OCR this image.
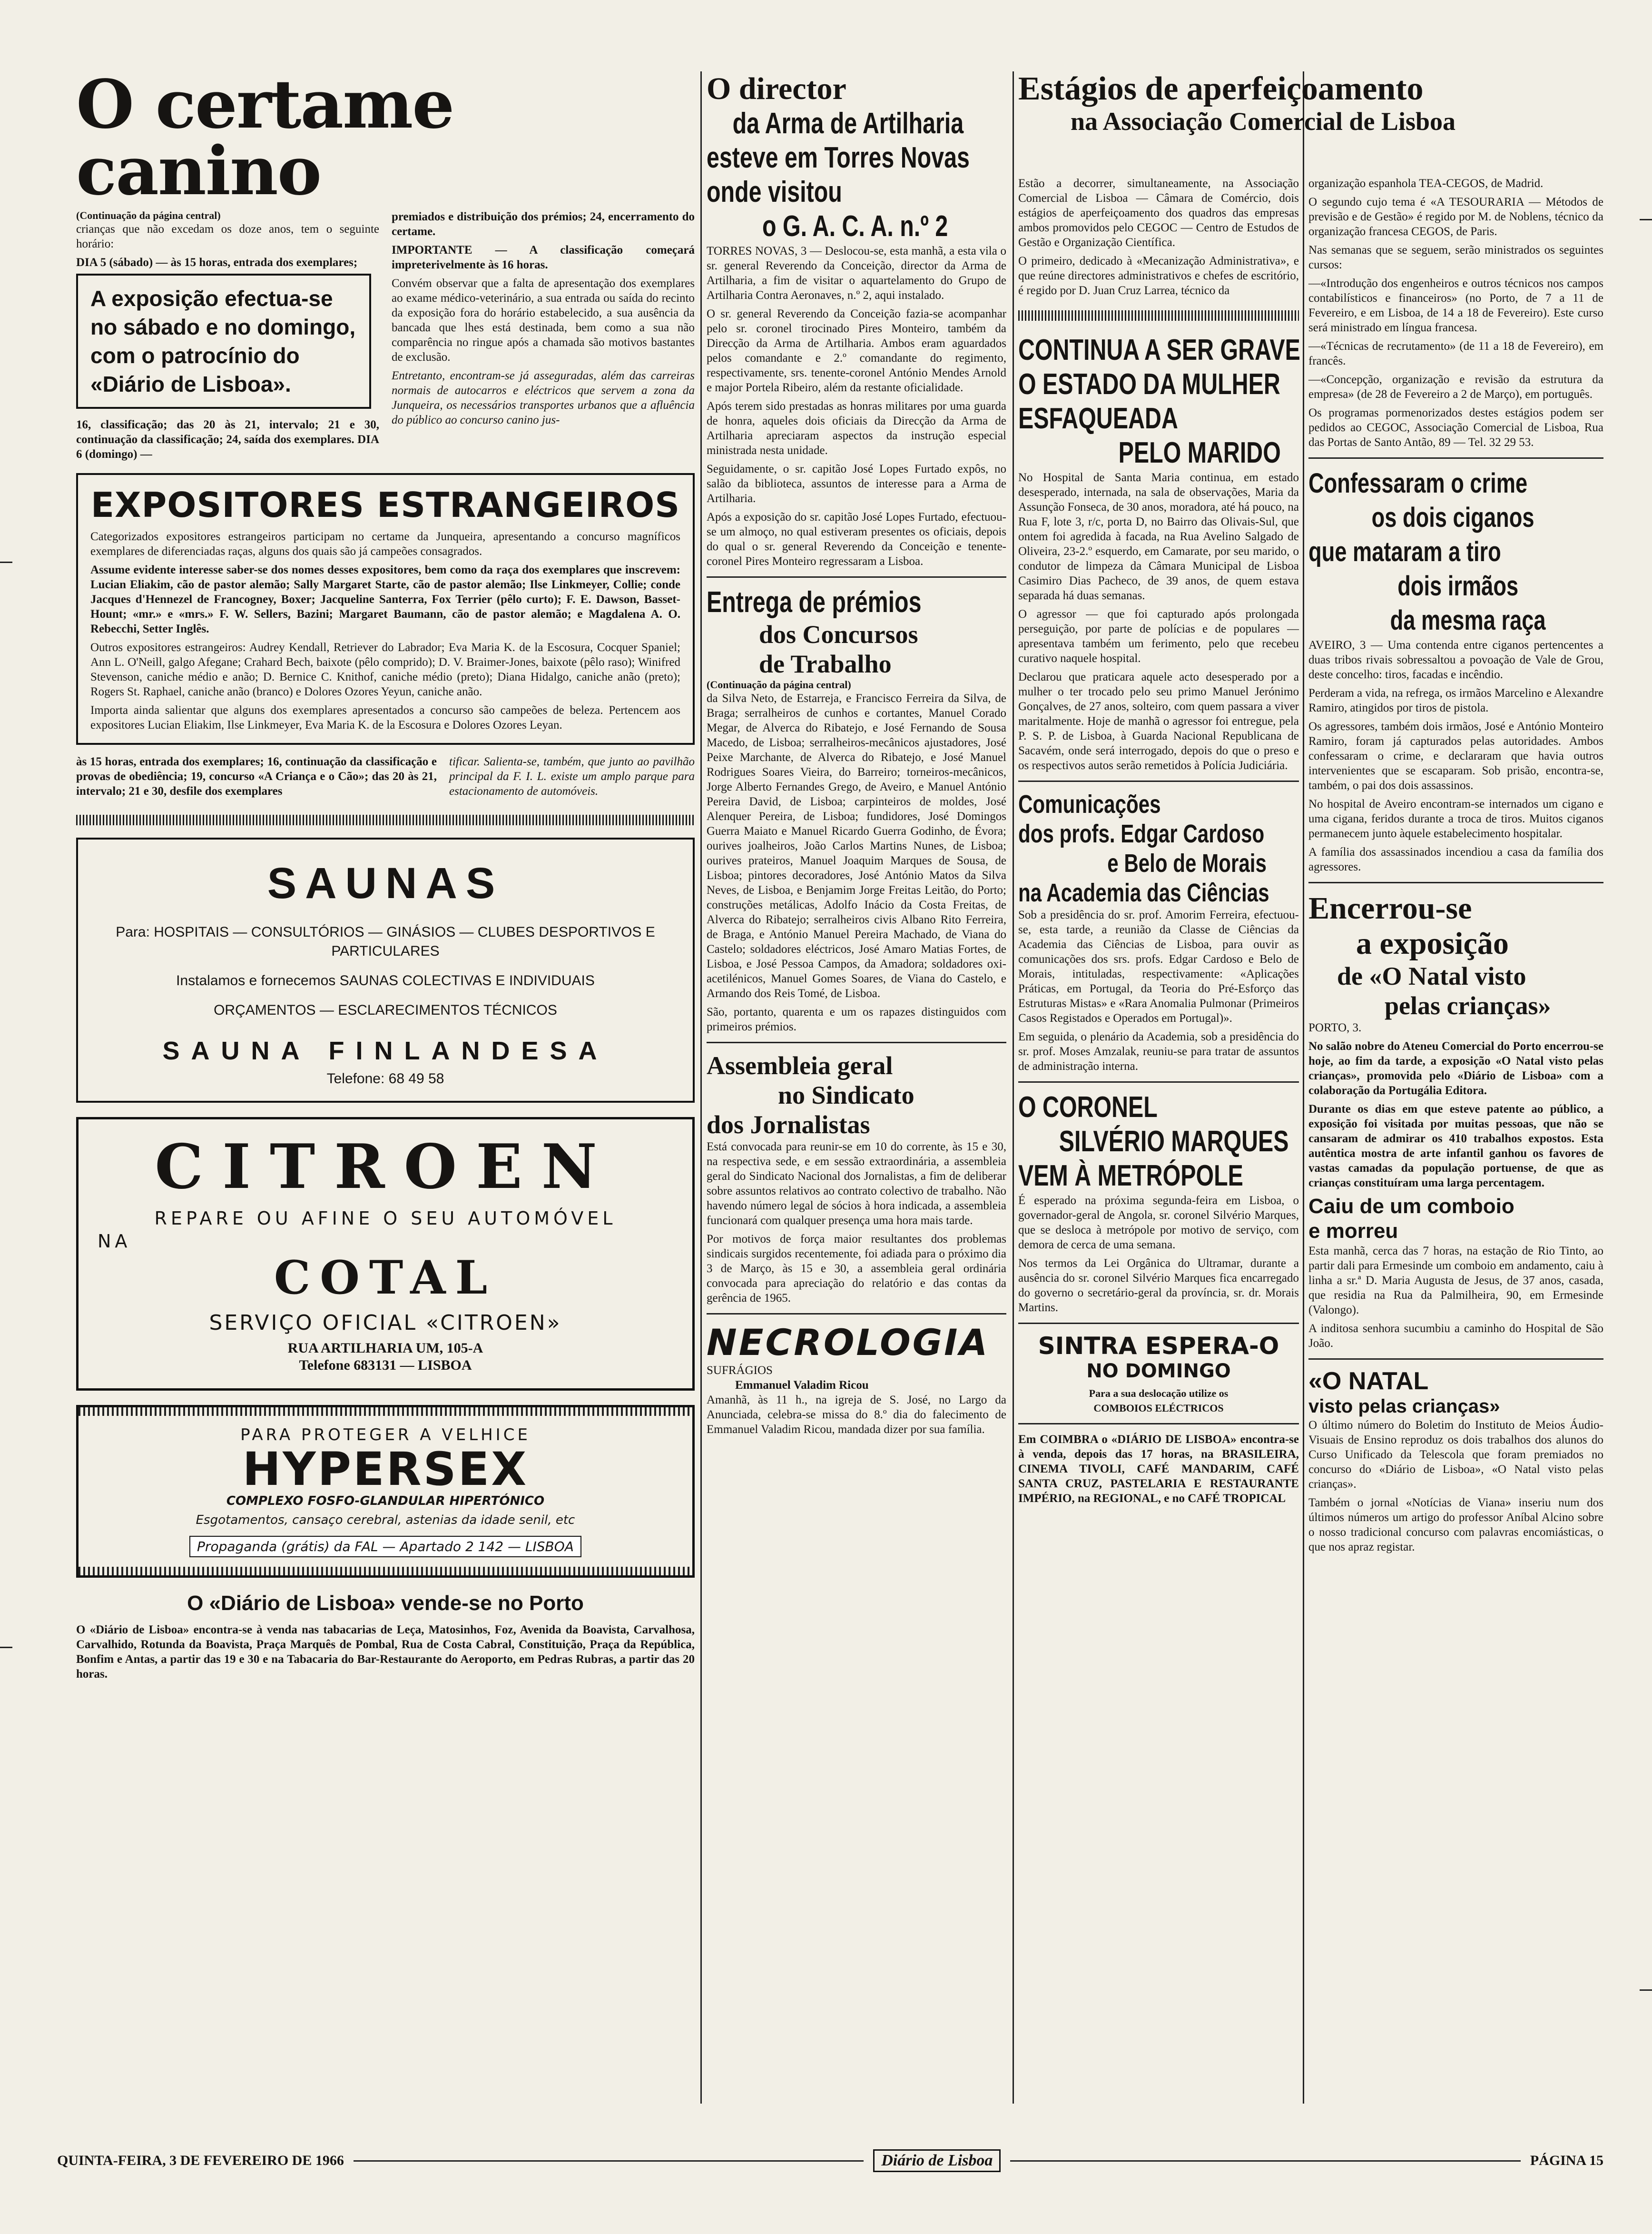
O certame canino
(Continuação da página central)

crianças que não excedam os doze anos, tem o seguinte horário:

DIA 5 (sábado) — às 15 horas, entrada dos exemplares;

A exposição efectua-se no sábado e no domingo, com o patrocínio do «Diário de Lisboa».

16, classificação; das 20 às 21, intervalo; 21 e 30, continuação da classificação; 24, saída dos exemplares. DIA 6 (domingo) —

premiados e distribuição dos prémios; 24, encerramento do certame.

IMPORTANTE — A classificação começará impreterivelmente às 16 horas.

Convém observar que a falta de apresentação dos exemplares ao exame médico-veterinário, a sua entrada ou saída do recinto da exposição fora do horário estabelecido, a sua ausência da bancada que lhes está destinada, bem como a sua não comparência no ringue após a chamada são motivos bastantes de exclusão.

Entretanto, encontram-se já asseguradas, além das carreiras normais de autocarros e eléctricos que servem a zona da Junqueira, os necessários transportes urbanos que a afluência do público ao concurso canino jus-

EXPOSITORES ESTRANGEIROS

Categorizados expositores estrangeiros participam no certame da Junqueira, apresentando a concurso magníficos exemplares de diferenciadas raças, alguns dos quais são já campeões consagrados.

Assume evidente interesse saber-se dos nomes desses expositores, bem como da raça dos exemplares que inscrevem: Lucian Eliakim, cão de pastor alemão; Sally Margaret Starte, cão de pastor alemão; Ilse Linkmeyer, Collie; conde Jacques d'Hennezel de Francogney, Boxer; Jacqueline Santerra, Fox Terrier (pêlo curto); F. E. Dawson, Basset-Hount; «mr.» e «mrs.» F. W. Sellers, Bazini; Margaret Baumann, cão de pastor alemão; e Magdalena A. O. Rebecchi, Setter Inglês.

Outros expositores estrangeiros: Audrey Kendall, Retriever do Labrador; Eva Maria K. de la Escosura, Cocquer Spaniel; Ann L. O'Neill, galgo Afegane; Crahard Bech, baixote (pêlo comprido); D. V. Braimer-Jones, baixote (pêlo raso); Winifred Stevenson, caniche médio e anão; D. Bernice C. Knithof, caniche médio (preto); Diana Hidalgo, caniche anão (preto); Rogers St. Raphael, caniche anão (branco) e Dolores Ozores Yeyun, caniche anão.

Importa ainda salientar que alguns dos exemplares apresentados a concurso são campeões de beleza. Pertencem aos expositores Lucian Eliakim, Ilse Linkmeyer, Eva Maria K. de la Escosura e Dolores Ozores Leyan.

às 15 horas, entrada dos exemplares; 16, continuação da classificação e provas de obediência; 19, concurso «A Criança e o Cão»; das 20 às 21, intervalo; 21 e 30, desfile dos exemplares

tificar. Salienta-se, também, que junto ao pavilhão principal da F. I. L. existe um amplo parque para estacionamento de automóveis.

SAUNAS

Para: HOSPITAIS — CONSULTÓRIOS — GINÁSIOS — CLUBES DESPORTIVOS E PARTICULARES

Instalamos e fornecemos SAUNAS COLECTIVAS E INDIVIDUAIS

ORÇAMENTOS — ESCLARECIMENTOS TÉCNICOS

SAUNA FINLANDESA
Telefone: 68 49 58
CITROEN
REPARE OU AFINE O SEU AUTOMÓVEL
NA
COTAL
SERVIÇO OFICIAL «CITROEN»
RUA ARTILHARIA UM, 105-A
Telefone 683131 — LISBOA
PARA PROTEGER A VELHICE
HYPERSEX
COMPLEXO FOSFO-GLANDULAR HIPERTÓNICO
Esgotamentos, cansaço cerebral, astenias da idade senil, etc
Propaganda (grátis) da FAL — Apartado 2 142 — LISBOA
O «Diário de Lisboa» vende-se no Porto

O «Diário de Lisboa» encontra-se à venda nas tabacarias de Leça, Matosinhos, Foz, Avenida da Boavista, Carvalhosa, Carvalhido, Rotunda da Boavista, Praça Marquês de Pombal, Rua de Costa Cabral, Constituição, Praça da República, Bonfim e Antas, a partir das 19 e 30 e na Tabacaria do Bar-Restaurante do Aeroporto, em Pedras Rubras, a partir das 20 horas.

O director
da Arma de Artilharia
esteve em Torres Novas
onde visitou
o G. A. C. A. n.º 2

TORRES NOVAS, 3 — Deslocou-se, esta manhã, a esta vila o sr. general Reverendo da Conceição, director da Arma de Artilharia, a fim de visitar o aquartelamento do Grupo de Artilharia Contra Aeronaves, n.º 2, aqui instalado.

O sr. general Reverendo da Conceição fazia-se acompanhar pelo sr. coronel tirocinado Pires Monteiro, também da Direcção da Arma de Artilharia. Ambos eram aguardados pelos comandante e 2.º comandante do regimento, respectivamente, srs. tenente-coronel António Mendes Arnold e major Portela Ribeiro, além da restante oficialidade.

Após terem sido prestadas as honras militares por uma guarda de honra, aqueles dois oficiais da Direcção da Arma de Artilharia apreciaram aspectos da instrução especial ministrada nesta unidade.

Seguidamente, o sr. capitão José Lopes Furtado expôs, no salão da biblioteca, assuntos de interesse para a Arma de Artilharia.

Após a exposição do sr. capitão José Lopes Furtado, efectuou-se um almoço, no qual estiveram presentes os oficiais, depois do qual o sr. general Reverendo da Conceição e tenente-coronel Pires Monteiro regressaram a Lisboa.

Entrega de prémios
dos Concursos
de Trabalho
(Continuação da página central)

da Silva Neto, de Estarreja, e Francisco Ferreira da Silva, de Braga; serralheiros de cunhos e cortantes, Manuel Corado Megar, de Alverca do Ribatejo, e José Fernando de Sousa Macedo, de Lisboa; serralheiros-mecânicos ajustadores, José Peixe Marchante, de Alverca do Ribatejo, e José Manuel Rodrigues Soares Vieira, do Barreiro; torneiros-mecânicos, Jorge Alberto Fernandes Grego, de Aveiro, e Manuel António Pereira David, de Lisboa; carpinteiros de moldes, José Alenquer Pereira, de Lisboa; fundidores, José Domingos Guerra Maiato e Manuel Ricardo Guerra Godinho, de Évora; ourives joalheiros, João Carlos Martins Nunes, de Lisboa; ourives prateiros, Manuel Joaquim Marques de Sousa, de Lisboa; pintores decoradores, José António Matos da Silva Neves, de Lisboa, e Benjamim Jorge Freitas Leitão, do Porto; construções metálicas, Adolfo Inácio da Costa Freitas, de Alverca do Ribatejo; serralheiros civis Albano Rito Ferreira, de Braga, e António Manuel Pereira Machado, de Viana do Castelo; soldadores eléctricos, José Amaro Matias Fortes, de Lisboa, e José Pessoa Campos, da Amadora; soldadores oxi-acetilénicos, Manuel Gomes Soares, de Viana do Castelo, e Armando dos Reis Tomé, de Lisboa.

São, portanto, quarenta e um os rapazes distinguidos com primeiros prémios.

Assembleia geral
no Sindicato
dos Jornalistas

Está convocada para reunir-se em 10 do corrente, às 15 e 30, na respectiva sede, e em sessão extraordinária, a assembleia geral do Sindicato Nacional dos Jornalistas, a fim de deliberar sobre assuntos relativos ao contrato colectivo de trabalho. Não havendo número legal de sócios à hora indicada, a assembleia funcionará com qualquer presença uma hora mais tarde.

Por motivos de força maior resultantes dos problemas sindicais surgidos recentemente, foi adiada para o próximo dia 3 de Março, às 15 e 30, a assembleia geral ordinária convocada para apreciação do relatório e das contas da gerência de 1965.

NECROLOGIA
SUFRÁGIOS
Emmanuel Valadim Ricou

Amanhã, às 11 h., na igreja de S. José, no Largo da Anunciada, celebra-se missa do 8.º dia do falecimento de Emmanuel Valadim Ricou, mandada dizer por sua família.

Estágios de aperfeiçoamento
na Associação Comercial de Lisboa

Estão a decorrer, simultaneamente, na Associação Comercial de Lisboa — Câmara de Comércio, dois estágios de aperfeiçoamento dos quadros das empresas ambos promovidos pelo CEGOC — Centro de Estudos de Gestão e Organização Científica.

O primeiro, dedicado à «Mecanização Administrativa», e que reúne directores administrativos e chefes de escritório, é regido por D. Juan Cruz Larrea, técnico da

CONTINUA A SER GRAVE
O ESTADO DA MULHER
ESFAQUEADA
PELO MARIDO

No Hospital de Santa Maria continua, em estado desesperado, internada, na sala de observações, Maria da Assunção Fonseca, de 30 anos, moradora, até há pouco, na Rua F, lote 3, r/c, porta D, no Bairro das Olivais-Sul, que ontem foi agredida à facada, na Rua Avelino Salgado de Oliveira, 23-2.º esquerdo, em Camarate, por seu marido, o condutor de limpeza da Câmara Municipal de Lisboa Casimiro Dias Pacheco, de 39 anos, de quem estava separada há duas semanas.

O agressor — que foi capturado após prolongada perseguição, por parte de polícias e de populares — apresentava também um ferimento, pelo que recebeu curativo naquele hospital.

Declarou que praticara aquele acto desesperado por a mulher o ter trocado pelo seu primo Manuel Jerónimo Gonçalves, de 27 anos, solteiro, com quem passara a viver maritalmente. Hoje de manhã o agressor foi entregue, pela P. S. P. de Lisboa, à Guarda Nacional Republicana de Sacavém, onde será interrogado, depois do que o preso e os respectivos autos serão remetidos à Polícia Judiciária.

Comunicações
dos profs. Edgar Cardoso
e Belo de Morais
na Academia das Ciências

Sob a presidência do sr. prof. Amorim Ferreira, efectuou-se, esta tarde, a reunião da Classe de Ciências da Academia das Ciências de Lisboa, para ouvir as comunicações dos srs. profs. Edgar Cardoso e Belo de Morais, intituladas, respectivamente: «Aplicações Práticas, em Portugal, da Teoria do Pré-Esforço das Estruturas Mistas» e «Rara Anomalia Pulmonar (Primeiros Casos Registados e Operados em Portugal)».

Em seguida, o plenário da Academia, sob a presidência do sr. prof. Moses Amzalak, reuniu-se para tratar de assuntos de administração interna.

O CORONEL
SILVÉRIO MARQUES
VEM À METRÓPOLE

É esperado na próxima segunda-feira em Lisboa, o governador-geral de Angola, sr. coronel Silvério Marques, que se desloca à metrópole por motivo de serviço, com demora de cerca de uma semana.

Nos termos da Lei Orgânica do Ultramar, durante a ausência do sr. coronel Silvério Marques fica encarregado do governo o secretário-geral da província, sr. dr. Morais Martins.

SINTRA ESPERA-O
NO DOMINGO
Para a sua deslocação utilize os
COMBOIOS ELÉCTRICOS

Em COIMBRA o «DIÁRIO DE LISBOA» encontra-se à venda, depois das 17 horas, na BRASILEIRA, CINEMA TIVOLI, CAFÉ MANDARIM, CAFÉ SANTA CRUZ, PASTELARIA E RESTAURANTE IMPÉRIO, na REGIONAL, e no CAFÉ TROPICAL

organização espanhola TEA-CEGOS, de Madrid.

O segundo cujo tema é «A TESOURARIA — Métodos de previsão e de Gestão» é regido por M. de Noblens, técnico da organização francesa CEGOS, de Paris.

Nas semanas que se seguem, serão ministrados os seguintes cursos:

—«Introdução dos engenheiros e outros técnicos nos campos contabilísticos e financeiros» (no Porto, de 7 a 11 de Fevereiro, e em Lisboa, de 14 a 18 de Fevereiro). Este curso será ministrado em língua francesa.

—«Técnicas de recrutamento» (de 11 a 18 de Fevereiro), em francês.

—«Concepção, organização e revisão da estrutura da empresa» (de 28 de Fevereiro a 2 de Março), em português.

Os programas pormenorizados destes estágios podem ser pedidos ao CEGOC, Associação Comercial de Lisboa, Rua das Portas de Santo Antão, 89 — Tel. 32 29 53.

Confessaram o crime
os dois ciganos
que mataram a tiro
dois irmãos
da mesma raça

AVEIRO, 3 — Uma contenda entre ciganos pertencentes a duas tribos rivais sobressaltou a povoação de Vale de Grou, deste concelho: tiros, facadas e incêndio.

Perderam a vida, na refrega, os irmãos Marcelino e Alexandre Ramiro, atingidos por tiros de pistola.

Os agressores, também dois irmãos, José e António Monteiro Ramiro, foram já capturados pelas autoridades. Ambos confessaram o crime, e declararam que havia outros intervenientes que se escaparam. Sob prisão, encontra-se, também, o pai dos dois assassinos.

No hospital de Aveiro encontram-se internados um cigano e uma cigana, feridos durante a troca de tiros. Muitos ciganos permanecem junto àquele estabelecimento hospitalar.

A família dos assassinados incendiou a casa da família dos agressores.

Encerrou-se
a exposição
de «O Natal visto
pelas crianças»

PORTO, 3.

No salão nobre do Ateneu Comercial do Porto encerrou-se hoje, ao fim da tarde, a exposição «O Natal visto pelas crianças», promovida pelo «Diário de Lisboa» com a colaboração da Portugália Editora.

Durante os dias em que esteve patente ao público, a exposição foi visitada por muitas pessoas, que não se cansaram de admirar os 410 trabalhos expostos. Esta autêntica mostra de arte infantil ganhou os favores de vastas camadas da população portuense, de que as crianças constituíram uma larga percentagem.

Caiu de um comboio
e morreu

Esta manhã, cerca das 7 horas, na estação de Rio Tinto, ao partir dali para Ermesinde um comboio em andamento, caiu à linha a sr.ª D. Maria Augusta de Jesus, de 37 anos, casada, que residia na Rua da Palmilheira, 90, em Ermesinde (Valongo).

A inditosa senhora sucumbiu a caminho do Hospital de São João.

«O NATAL
visto pelas crianças»

O último número do Boletim do Instituto de Meios Áudio-Visuais de Ensino reproduz os dois trabalhos dos alunos do Curso Unificado da Telescola que foram premiados no concurso do «Diário de Lisboa», «O Natal visto pelas crianças».

Também o jornal «Notícias de Viana» inseriu num dos últimos números um artigo do professor Aníbal Alcino sobre o nosso tradicional concurso com palavras encomiásticas, o que nos apraz registar.

QUINTA-FEIRA, 3 DE FEVEREIRO DE 1966	Diário de Lisboa	PÁGINA 15
